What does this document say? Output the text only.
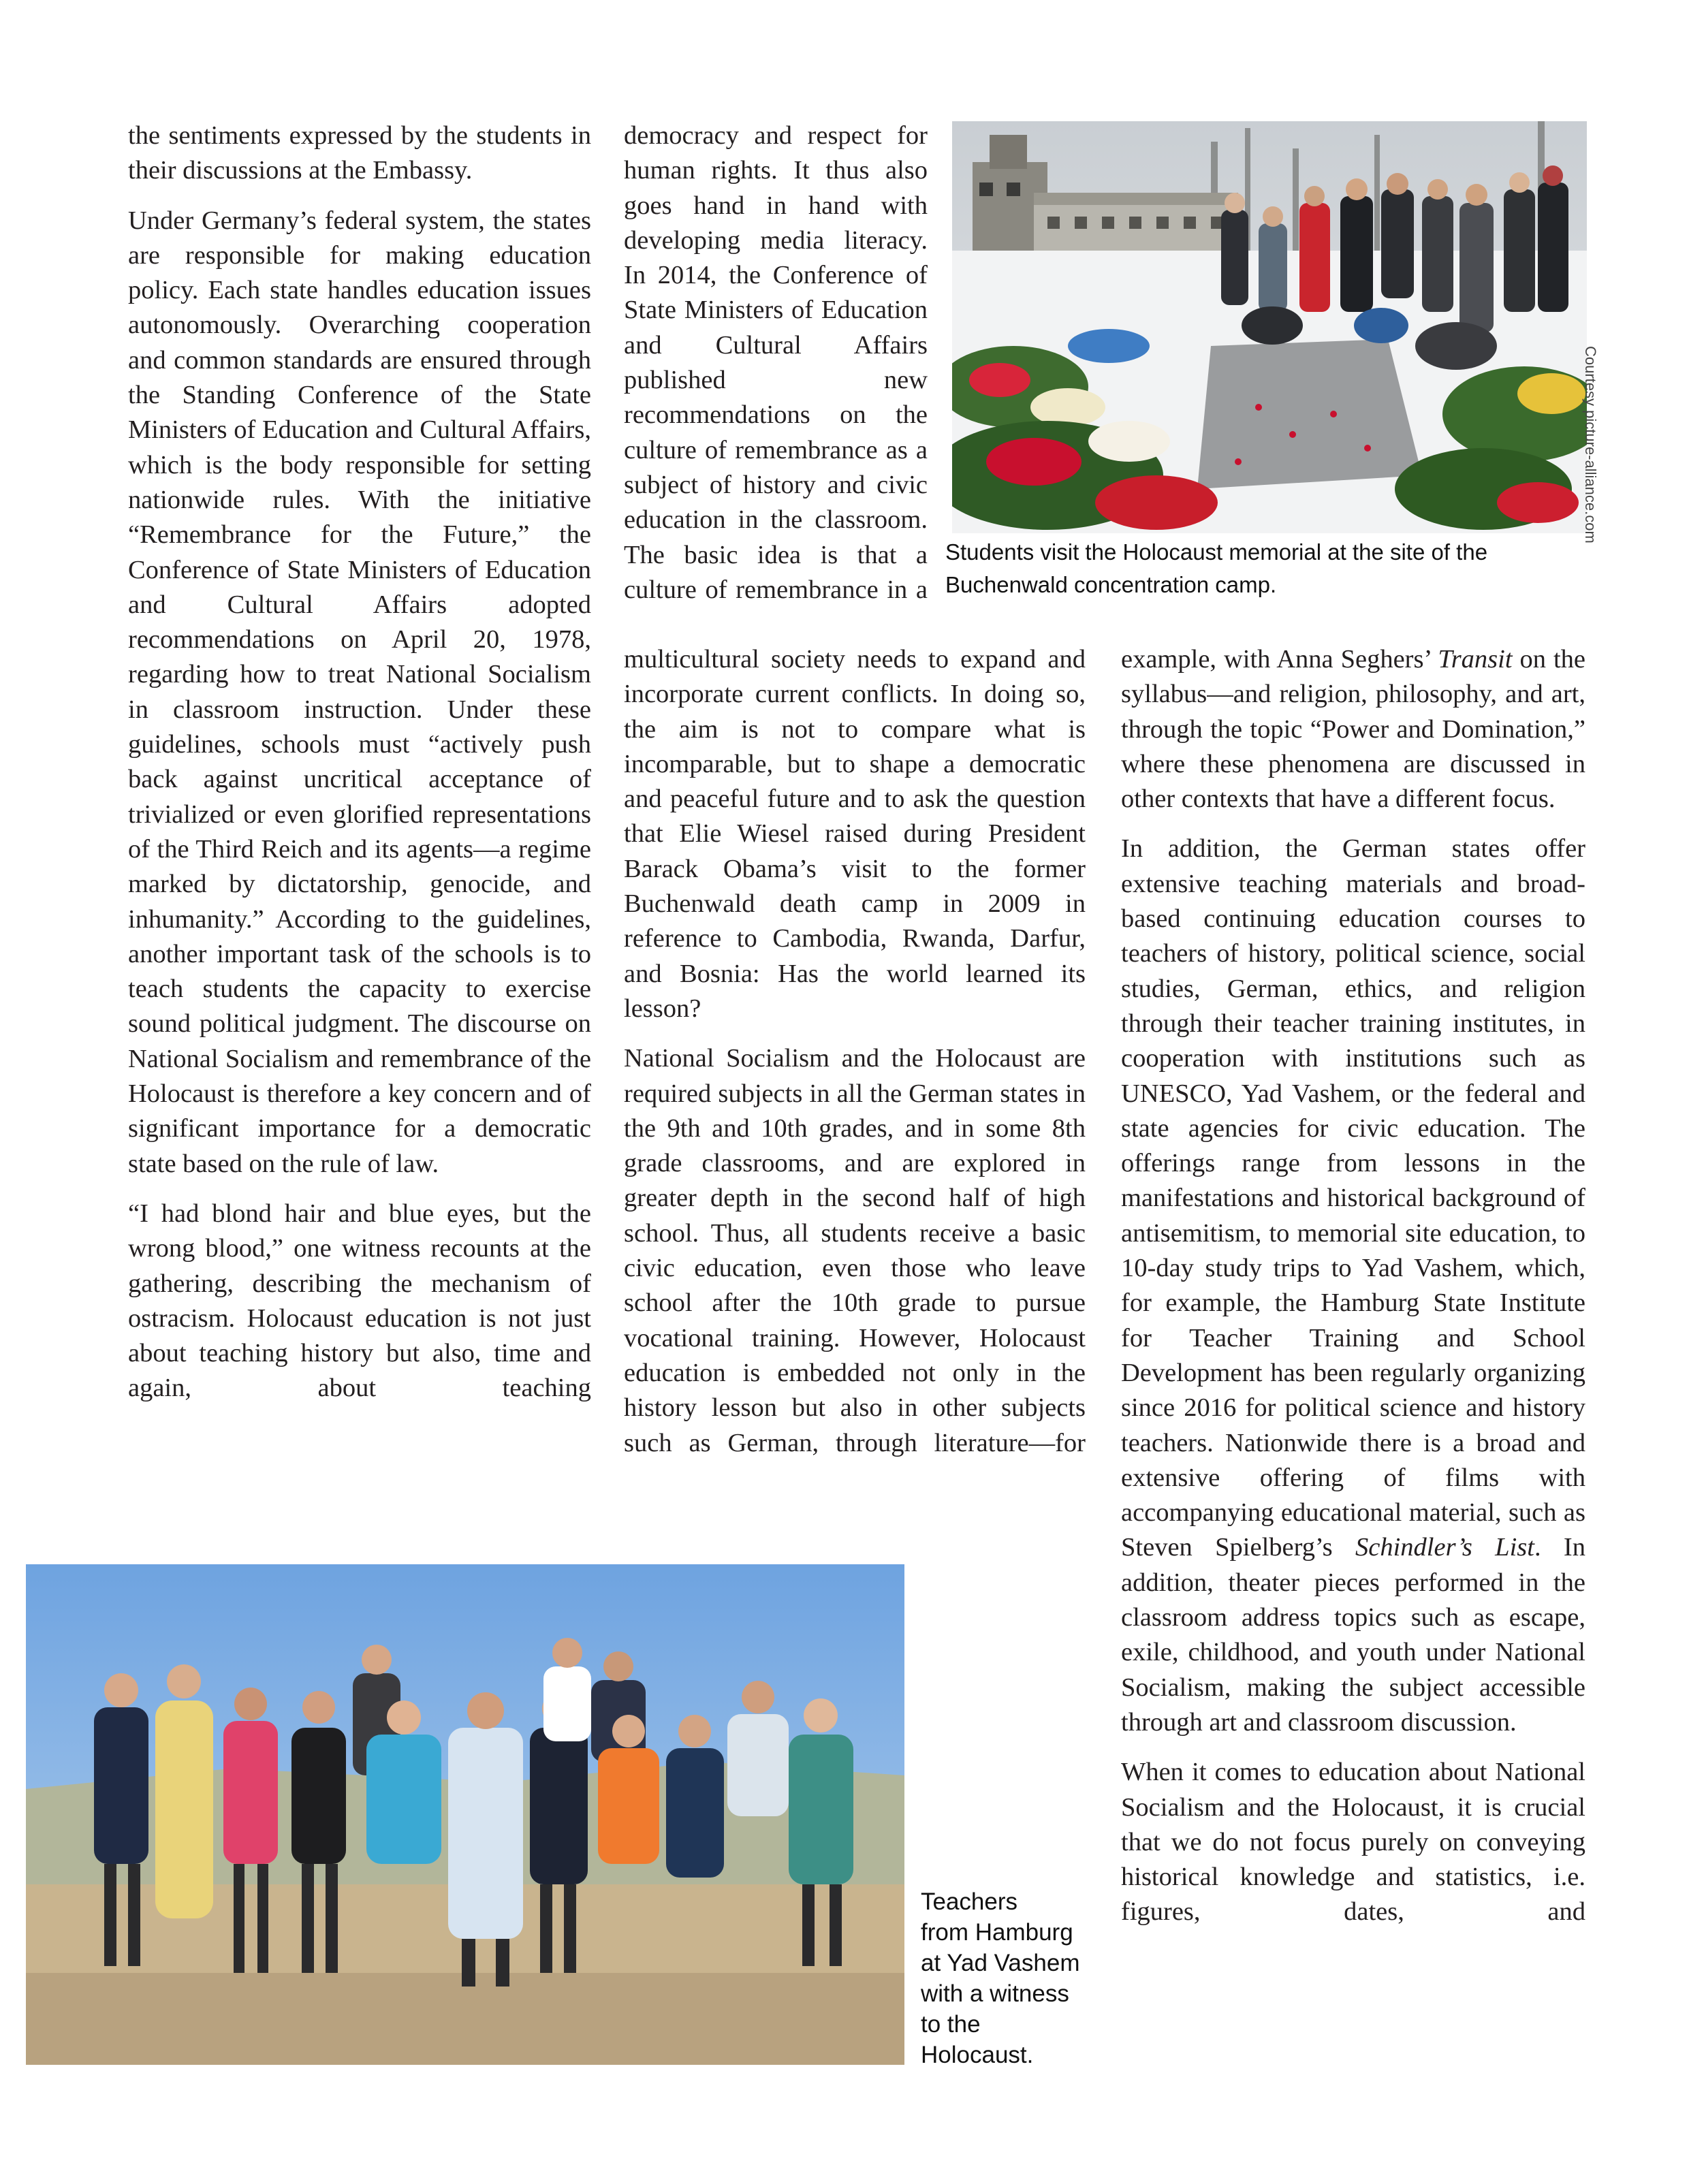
the sentiments expressed by the students in their discussions at the Embassy.

Under Germany’s federal system, the states are responsible for making education policy. Each state handles education issues autonomously. Overarching cooperation and common standards are ensured through the Standing Conference of the State Ministers of Education and Cultural Affairs, which is the body responsible for setting nationwide rules. With the initiative “Remembrance for the Future,” the Conference of State Ministers of Education and Cultural Affairs adopted recommendations on April 20, 1978, regarding how to treat National Socialism in classroom instruction. Under these guidelines, schools must “actively push back against uncritical acceptance of trivialized or even glorified representations of the Third Reich and its agents—a regime marked by dictatorship, genocide, and inhumanity.” According to the guidelines, another important task of the schools is to teach students the capacity to exercise sound political judgment. The discourse on National Socialism and remembrance of the Holocaust is therefore a key concern and of significant importance for a democratic state based on the rule of law.

“I had blond hair and blue eyes, but the wrong blood,” one witness recounts at the gathering, describing the mechanism of ostracism. Holocaust education is not just about teaching history but also, time and again, about teaching

democracy and respect for human rights. It thus also goes hand in hand with developing media literacy. In 2014, the Conference of State Ministers of Education and Cultural Affairs published new recommendations on the culture of remembrance as a subject of history and civic education in the classroom. The basic idea is that a culture of remembrance in a

multicultural society needs to expand and incorporate current conflicts. In doing so, the aim is not to compare what is incomparable, but to shape a democratic and peaceful future and to ask the question that Elie Wiesel raised during President Barack Obama’s visit to the former Buchenwald death camp in 2009 in reference to Cambodia, Rwanda, Darfur, and Bosnia: Has the world learned its lesson?

National Socialism and the Holocaust are required subjects in all the German states in the 9th and 10th grades, and in some 8th grade classrooms, and are explored in greater depth in the second half of high school. Thus, all students receive a basic civic education, even those who leave school after the 10th grade to pursue vocational training. However, Holocaust education is embedded not only in the history lesson but also in other subjects such as German, through literature—for

example, with Anna Seghers’ Transit on the syllabus—and religion, philosophy, and art, through the topic “Power and Domination,” where these phenomena are discussed in other contexts that have a different focus.

In addition, the German states offer extensive teaching materials and broad-based continuing education courses to teachers of history, political science, social studies, German, ethics, and religion through their teacher training institutes, in cooperation with institutions such as UNESCO, Yad Vashem, or the federal and state agencies for civic education. The offerings range from lessons in the manifestations and historical background of antisemitism, to memorial site education, to 10-day study trips to Yad Vashem, which, for example, the Hamburg State Institute for Teacher Training and School Development has been regularly organizing since 2016 for political science and history teachers. Nationwide there is a broad and extensive offering of films with accompanying educational material, such as Steven Spielberg’s Schindler’s List. In addition, theater pieces performed in the classroom address topics such as escape, exile, childhood, and youth under National Socialism, making the subject accessible through art and classroom discussion.

When it comes to education about National Socialism and the Holocaust, it is crucial that we do not focus purely on conveying historical knowledge and statistics, i.e. figures, dates, and

Courtesy picture-alliance.com
Students visit the Holocaust memorial at the site of the Buchenwald concentration camp.
Teachers
from Hamburg
at Yad Vashem
with a witness
to the
Holocaust.
